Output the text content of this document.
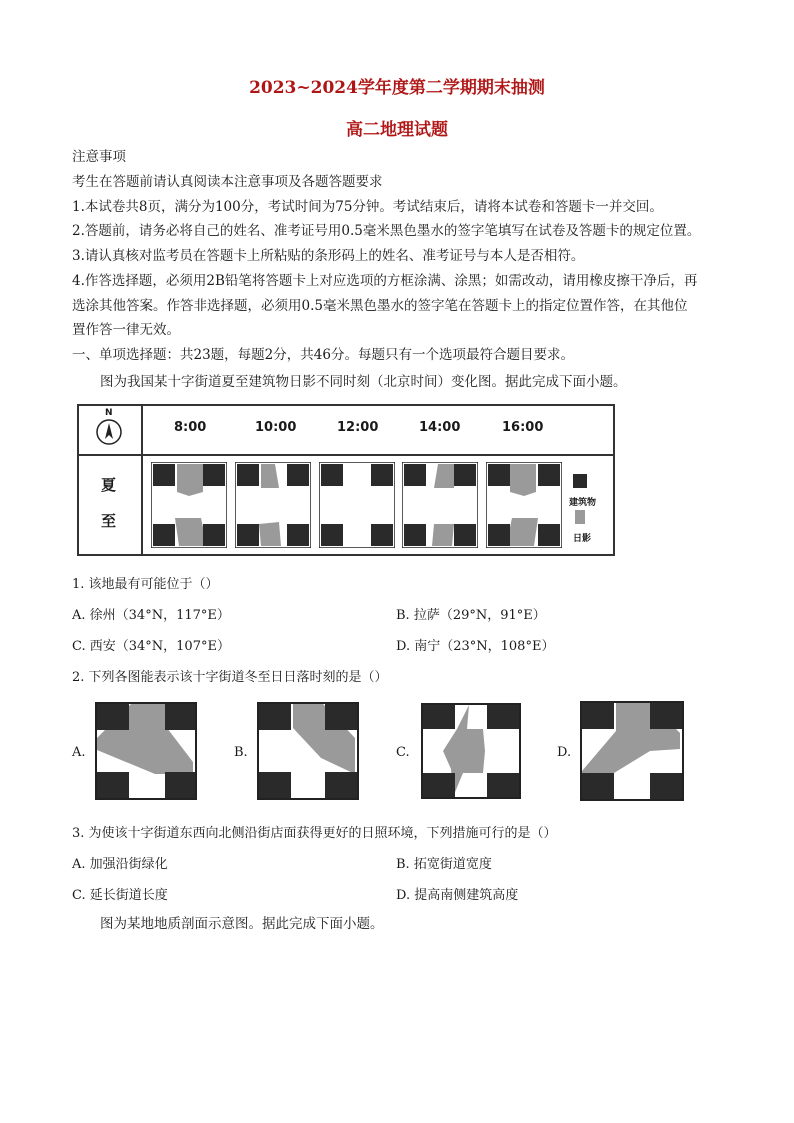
2023~2024学年度第二学期期末抽测
高二地理试题
注意事项
考生在答题前请认真阅读本注意事项及各题答题要求
1.本试卷共8页，满分为100分，考试时间为75分钟。考试结束后，请将本试卷和答题卡一并交回。
2.答题前，请务必将自己的姓名、准考证号用0.5毫米黑色墨水的签字笔填写在试卷及答题卡的规定位置。
3.请认真核对监考员在答题卡上所粘贴的条形码上的姓名、准考证号与本人是否相符。
4.作答选择题，必须用2B铅笔将答题卡上对应选项的方框涂满、涂黑；如需改动，请用橡皮擦干净后，再
选涂其他答案。作答非选择题，必须用0.5毫米黑色墨水的签字笔在答题卡上的指定位置作答，在其他位
置作答一律无效。
一、单项选择题：共23题，每题2分，共46分。每题只有一个选项最符合题目要求。
图为我国某十字街道夏至建筑物日影不同时刻（北京时间）变化图。据此完成下面小题。
N
8:00	10:00	12:00	14:00	16:00
夏
至
建筑物
日影
1. 该地最有可能位于（）
A. 徐州（34°N，117°E）	B. 拉萨（29°N，91°E）
C. 西安（34°N，107°E）	D. 南宁（23°N，108°E）
2. 下列各图能表示该十字街道冬至日日落时刻的是（）
A.	B.	C.	D.
3. 为使该十字街道东西向北侧沿街店面获得更好的日照环境，下列措施可行的是（）
A. 加强沿街绿化	B. 拓宽街道宽度
C. 延长街道长度	D. 提高南侧建筑高度
图为某地地质剖面示意图。据此完成下面小题。
